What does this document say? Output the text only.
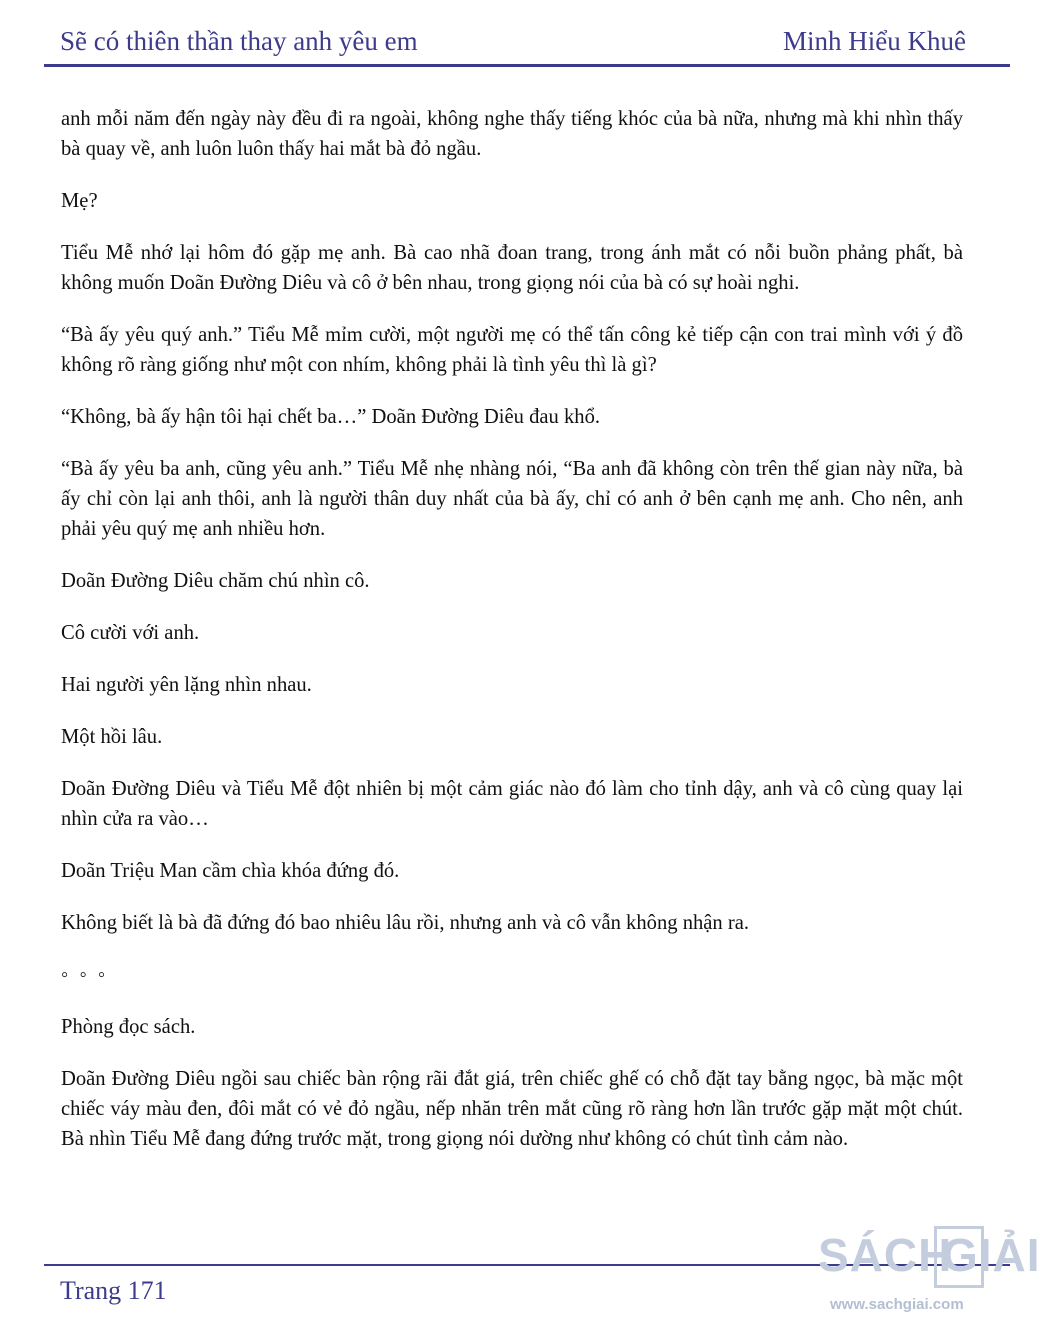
Sẽ có thiên thần thay anh yêu em	Minh Hiểu Khuê

anh mỗi năm đến ngày này đều đi ra ngoài, không nghe thấy tiếng khóc của bà nữa, nhưng mà khi nhìn thấy bà quay về, anh luôn luôn thấy hai mắt bà đỏ ngầu.

Mẹ?

Tiểu Mễ nhớ lại hôm đó gặp mẹ anh. Bà cao nhã đoan trang, trong ánh mắt có nỗi buồn phảng phất, bà không muốn Doãn Đường Diêu và cô ở bên nhau, trong giọng nói của bà có sự hoài nghi.

“Bà ấy yêu quý anh.” Tiểu Mễ mỉm cười, một người mẹ có thể tấn công kẻ tiếp cận con trai mình với ý đồ không rõ ràng giống như một con nhím, không phải là tình yêu thì là gì?

“Không, bà ấy hận tôi hại chết ba…” Doãn Đường Diêu đau khổ.

“Bà ấy yêu ba anh, cũng yêu anh.” Tiểu Mễ nhẹ nhàng nói, “Ba anh đã không còn trên thế gian này nữa, bà ấy chỉ còn lại anh thôi, anh là người thân duy nhất của bà ấy, chỉ có anh ở bên cạnh mẹ anh. Cho nên, anh phải yêu quý mẹ anh nhiều hơn.

Doãn Đường Diêu chăm chú nhìn cô.

Cô cười với anh.

Hai người yên lặng nhìn nhau.

Một hồi lâu.

Doãn Đường Diêu và Tiểu Mễ đột nhiên bị một cảm giác nào đó làm cho tỉnh dậy, anh và cô cùng quay lại nhìn cửa ra vào…

Doãn Triệu Man cầm chìa khóa đứng đó.

Không biết là bà đã đứng đó bao nhiêu lâu rồi, nhưng anh và cô vẫn không nhận ra.

◦ ◦ ◦

Phòng đọc sách.

Doãn Đường Diêu ngồi sau chiếc bàn rộng rãi đắt giá, trên chiếc ghế có chỗ đặt tay bằng ngọc, bà mặc một chiếc váy màu đen, đôi mắt có vẻ đỏ ngầu, nếp nhăn trên mắt cũng rõ ràng hơn lần trước gặp mặt một chút. Bà nhìn Tiểu Mễ đang đứng trước mặt, trong giọng nói dường như không có chút tình cảm nào.

Trang 171
SÁCH
GIẢI
www.sachgiai.com
